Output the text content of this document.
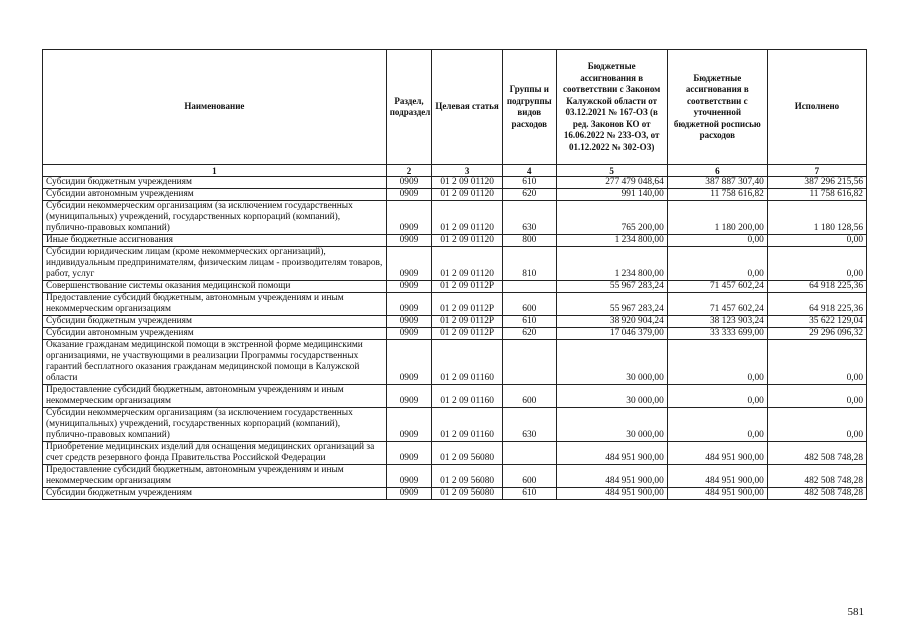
Наименование	Раздел, подраздел	Целевая статья	Группы и подгруппы видов расходов	Бюджетные ассигнования в соответствии с Законом Калужской области от 03.12.2021 № 167-ОЗ (в ред. Законов КО от 16.06.2022 № 233-ОЗ, от 01.12.2022 № 302-ОЗ)	Бюджетные ассигнования в соответствии с уточненной бюджетной росписью расходов	Исполнено
1	2	3	4	5	6	7
Субсидии бюджетным учреждениям	0909	01 2 09 01120	610	277 479 048,64	387 887 307,40	387 296 215,56
Субсидии автономным учреждениям	0909	01 2 09 01120	620	991 140,00	11 758 616,82	11 758 616,82
Субсидии некоммерческим организациям (за исключением государственных (муниципальных) учреждений, государственных корпораций (компаний), публично-правовых компаний)	0909	01 2 09 01120	630	765 200,00	1 180 200,00	1 180 128,56
Иные бюджетные ассигнования	0909	01 2 09 01120	800	1 234 800,00	0,00	0,00
Субсидии юридическим лицам (кроме некоммерческих организаций), индивидуальным предпринимателям, физическим лицам - производителям товаров, работ, услуг	0909	01 2 09 01120	810	1 234 800,00	0,00	0,00
Совершенствование системы оказания медицинской помощи	0909	01 2 09 0112Р		55 967 283,24	71 457 602,24	64 918 225,36
Предоставление субсидий бюджетным, автономным учреждениям и иным некоммерческим организациям	0909	01 2 09 0112Р	600	55 967 283,24	71 457 602,24	64 918 225,36
Субсидии бюджетным учреждениям	0909	01 2 09 0112Р	610	38 920 904,24	38 123 903,24	35 622 129,04
Субсидии автономным учреждениям	0909	01 2 09 0112Р	620	17 046 379,00	33 333 699,00	29 296 096,32
Оказание гражданам медицинской помощи в экстренной форме медицинскими организациями, не участвующими в реализации Программы государственных гарантий бесплатного оказания гражданам медицинской помощи в Калужской области	0909	01 2 09 01160		30 000,00	0,00	0,00
Предоставление субсидий бюджетным, автономным учреждениям и иным некоммерческим организациям	0909	01 2 09 01160	600	30 000,00	0,00	0,00
Субсидии некоммерческим организациям (за исключением государственных (муниципальных) учреждений, государственных корпораций (компаний), публично-правовых компаний)	0909	01 2 09 01160	630	30 000,00	0,00	0,00
Приобретение медицинских изделий для оснащения медицинских организаций за счет средств резервного фонда Правительства Российской Федерации	0909	01 2 09 56080		484 951 900,00	484 951 900,00	482 508 748,28
Предоставление субсидий бюджетным, автономным учреждениям и иным некоммерческим организациям	0909	01 2 09 56080	600	484 951 900,00	484 951 900,00	482 508 748,28
Субсидии бюджетным учреждениям	0909	01 2 09 56080	610	484 951 900,00	484 951 900,00	482 508 748,28
581
